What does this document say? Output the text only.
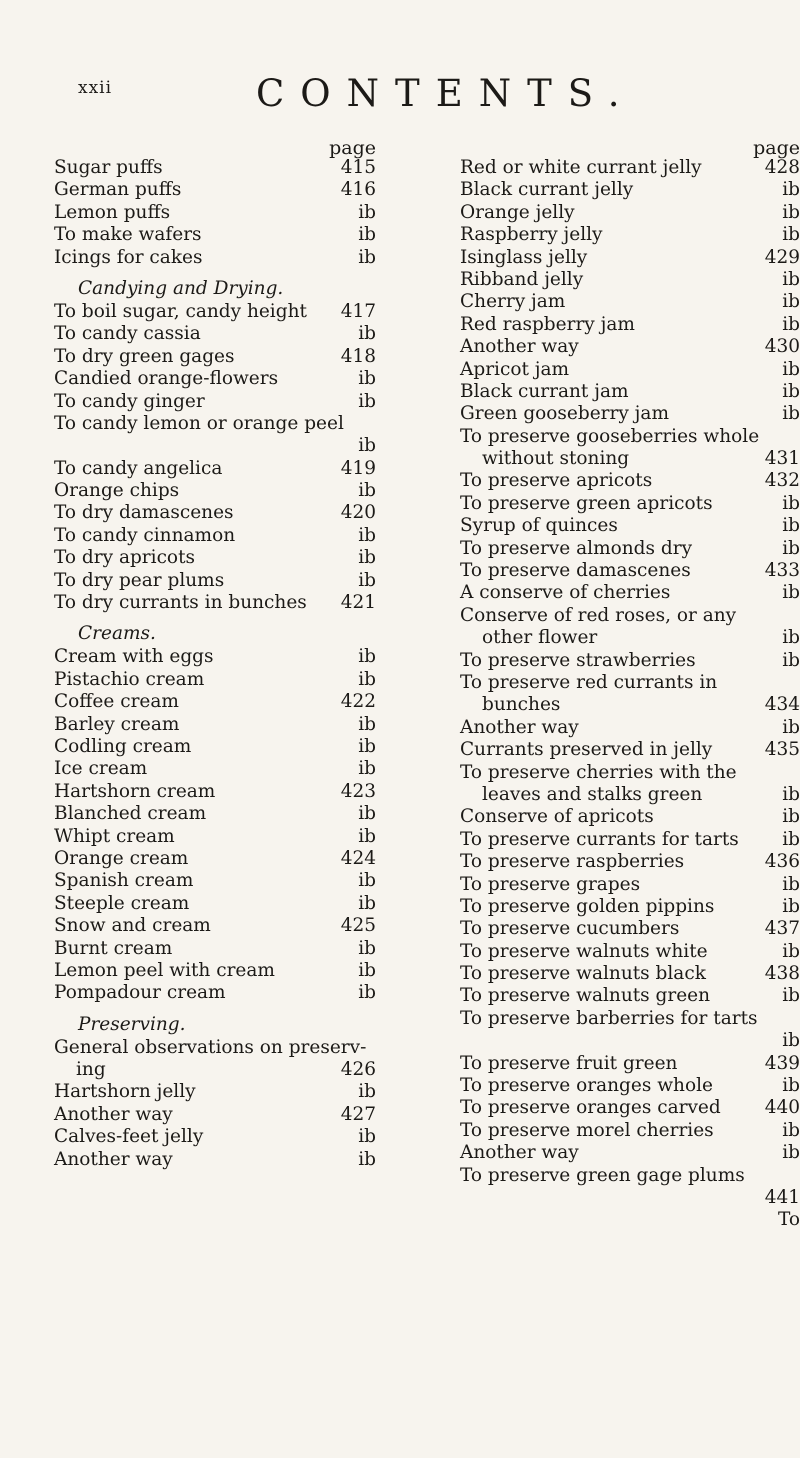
xxii	CONTENTS.
page
Sugar puffs	415
German puffs	416
Lemon puffs	ib
To make wafers	ib
Icings for cakes	ib
Candying and Drying.
To boil sugar, candy height 417
To candy cassia	ib
To dry green gages	418
Candied orange-flowers	ib
To candy ginger	ib
To candy lemon or orange peel
ib
To candy angelica	419
Orange chips	ib
To dry damascenes	420
To candy cinnamon	ib
To dry apricots	ib
To dry pear plums	ib
To dry currants in bunches 421
Creams.
Cream with eggs	ib
Pistachio cream	ib
Coffee cream	422
Barley cream	ib
Codling cream	ib
Ice cream	ib
Hartshorn cream	423
Blanched cream	ib
Whipt cream	ib
Orange cream	424
Spanish cream	ib
Steeple cream	ib
Snow and cream	425
Burnt cream	ib
Lemon peel with cream	ib
Pompadour cream	ib
Preserving.
General observations on preserv-
ing	426
Hartshorn jelly	ib
Another way	427
Calves-feet jelly	ib
Another way	ib
page
Red or white currant jelly	428
Black currant jelly	ib
Orange jelly	ib
Raspberry jelly	ib
Isinglass jelly	429
Ribband jelly	ib
Cherry jam	ib
Red raspberry jam	ib
Another way	430
Apricot jam	ib
Black currant jam	ib
Green gooseberry jam	ib
To preserve gooseberries whole
without stoning	431
To preserve apricots	432
To preserve green apricots	ib
Syrup of quinces	ib
To preserve almonds dry	ib
To preserve damascenes	433
A conserve of cherries	ib
Conserve of red roses, or any
other flower	ib
To preserve strawberries	ib
To preserve red currants in
bunches	434
Another way	ib
Currants preserved in jelly	435
To preserve cherries with the
leaves and stalks green	ib
Conserve of apricots	ib
To preserve currants for tarts ib
To preserve raspberries	436
To preserve grapes	ib
To preserve golden pippins	ib
To preserve cucumbers	437
To preserve walnuts white	ib
To preserve walnuts black	438
To preserve walnuts green	ib
To preserve barberries for tarts
ib
To preserve fruit green	439
To preserve oranges whole	ib
To preserve oranges carved 440
To preserve morel cherries	ib
Another way	ib
To preserve green gage plums
441
To
